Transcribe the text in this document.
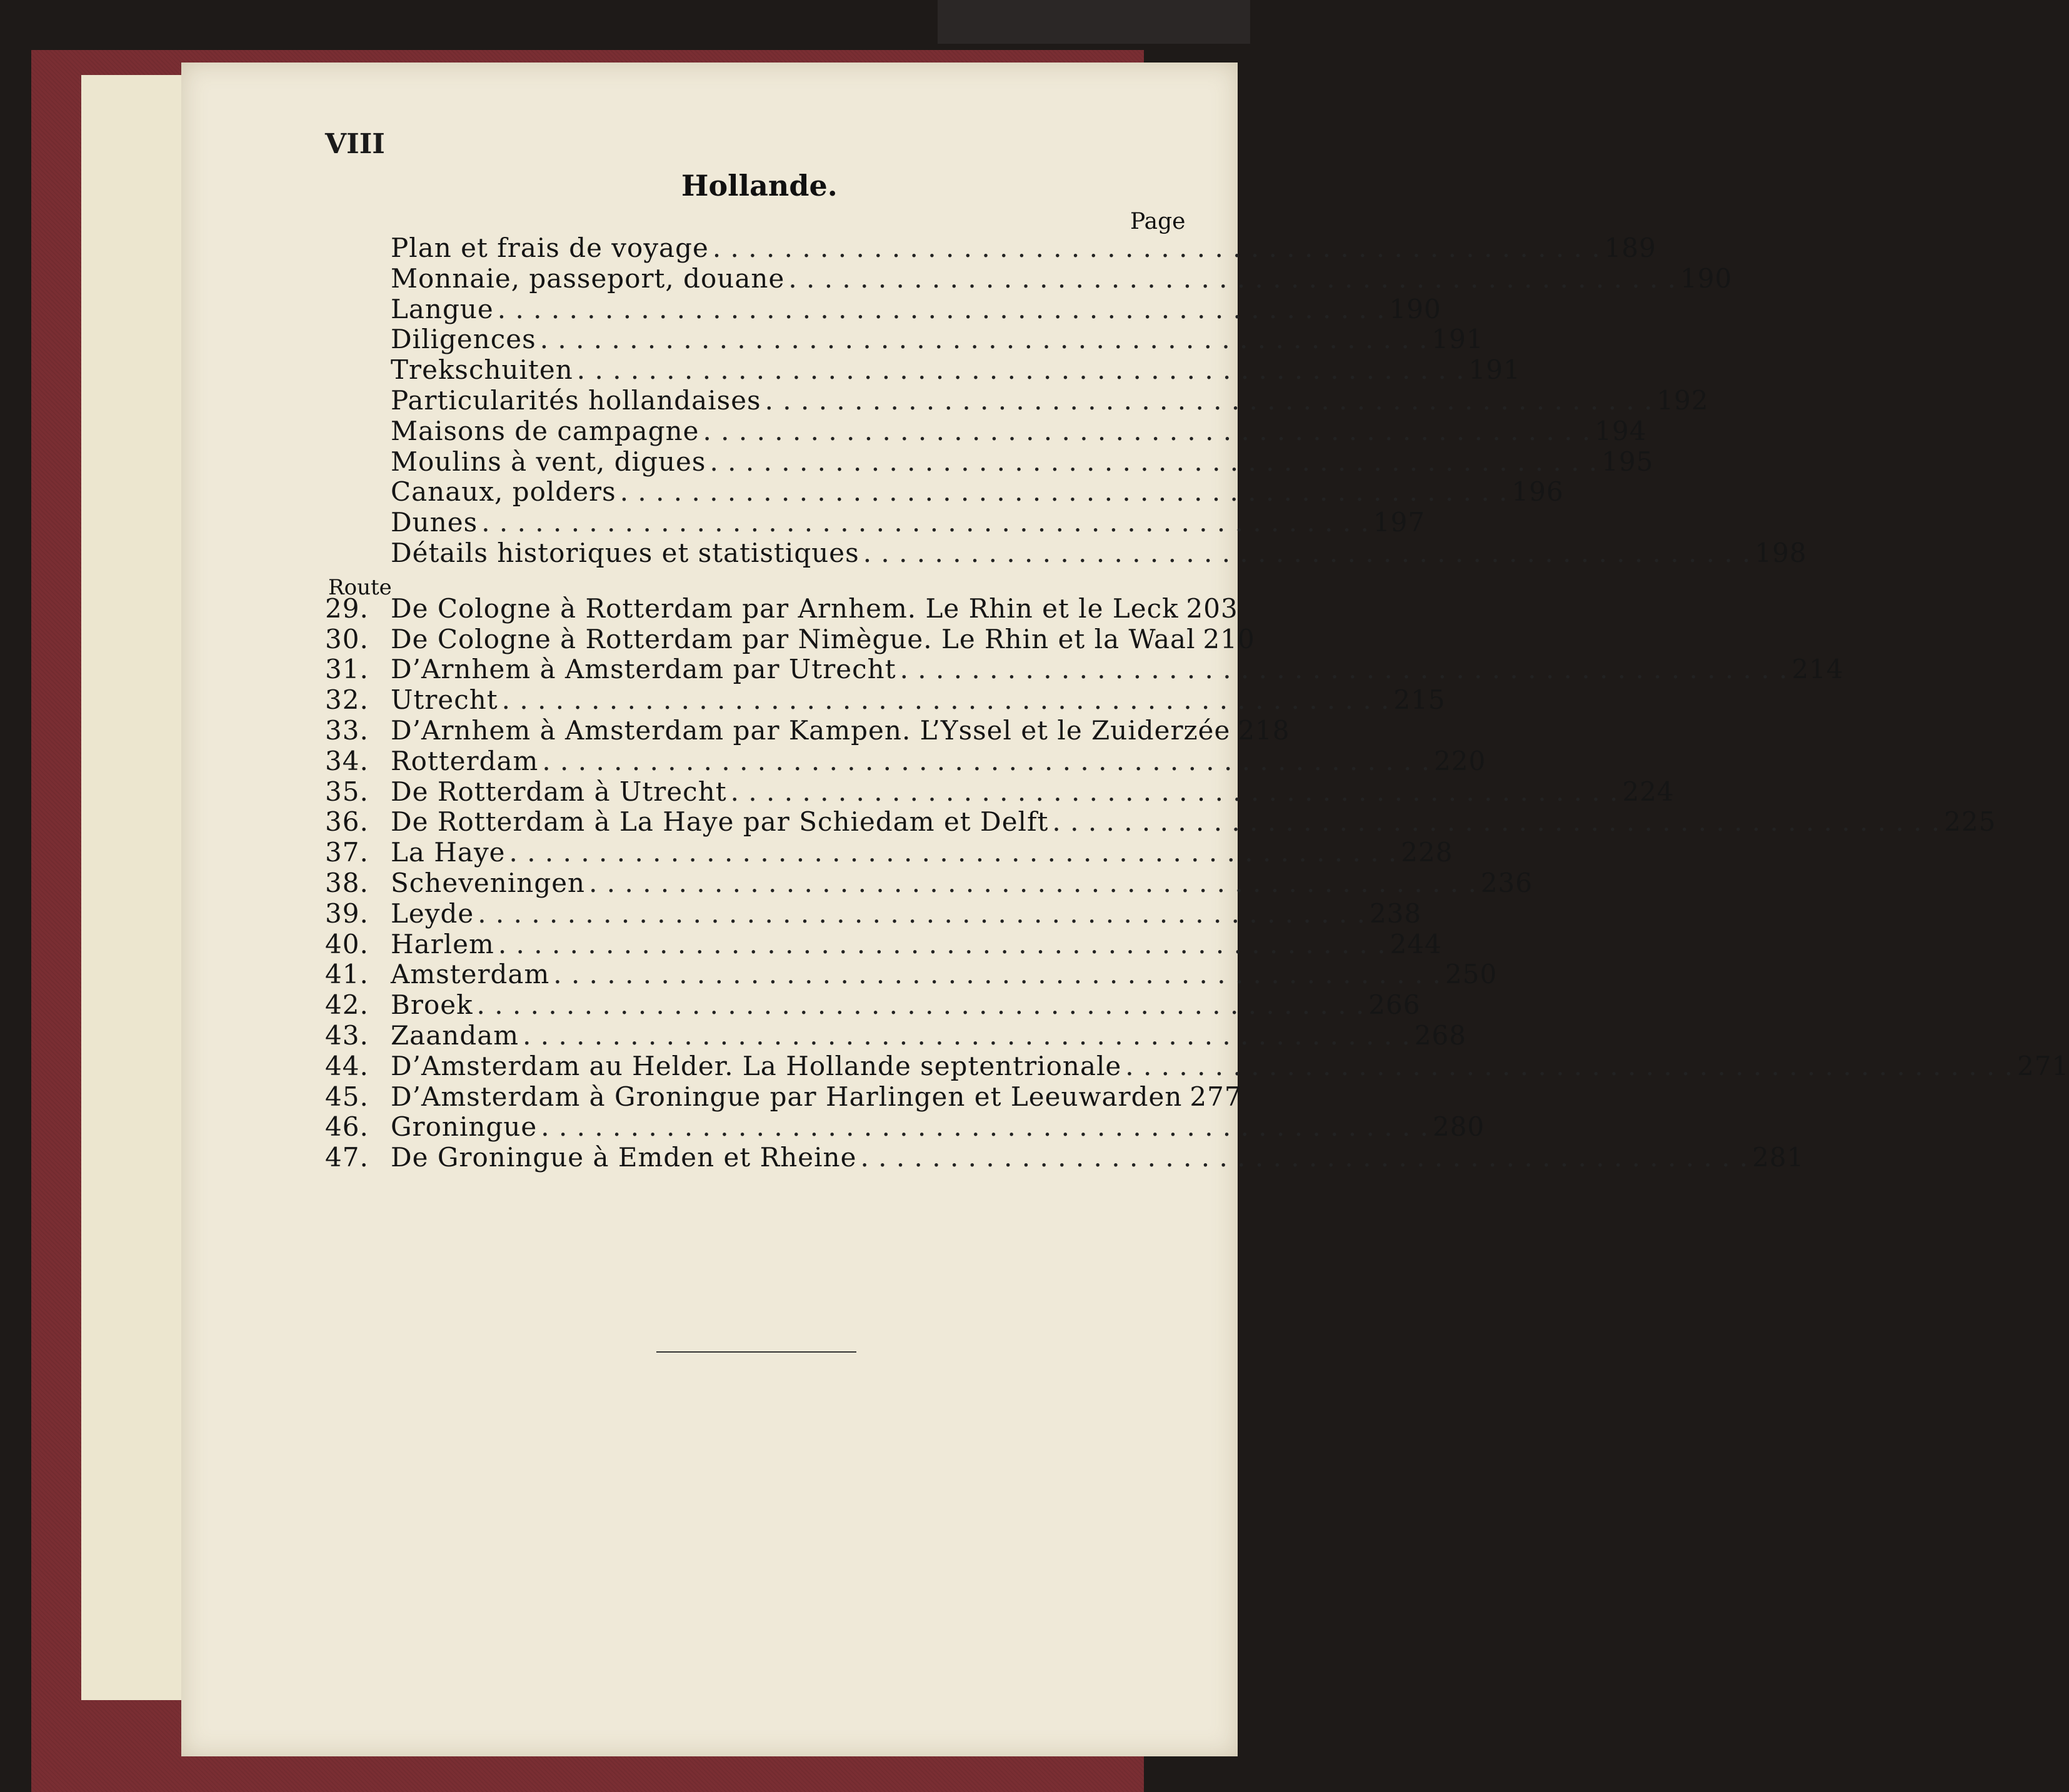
VIII
Hollande.
Page
Route
Plan et frais de voyage . . . . . . . . . . . . . . . . . . . . . . . . . . . . . . . . . . . . . . . . . . . . . . . . . . 189
Monnaie, passeport, douane . . . . . . . . . . . . . . . . . . . . . . . . . . . . . . . . . . . . . . . . . . . . . . . . . . 190
Langue . . . . . . . . . . . . . . . . . . . . . . . . . . . . . . . . . . . . . . . . . . . . . . . . . . 190
Diligences . . . . . . . . . . . . . . . . . . . . . . . . . . . . . . . . . . . . . . . . . . . . . . . . . . 191
Trekschuiten . . . . . . . . . . . . . . . . . . . . . . . . . . . . . . . . . . . . . . . . . . . . . . . . . . 191
Particularités hollandaises . . . . . . . . . . . . . . . . . . . . . . . . . . . . . . . . . . . . . . . . . . . . . . . . . . 192
Maisons de campagne . . . . . . . . . . . . . . . . . . . . . . . . . . . . . . . . . . . . . . . . . . . . . . . . . . 194
Moulins à vent, digues . . . . . . . . . . . . . . . . . . . . . . . . . . . . . . . . . . . . . . . . . . . . . . . . . . 195
Canaux, polders . . . . . . . . . . . . . . . . . . . . . . . . . . . . . . . . . . . . . . . . . . . . . . . . . . 196
Dunes . . . . . . . . . . . . . . . . . . . . . . . . . . . . . . . . . . . . . . . . . . . . . . . . . . 197
Détails historiques et statistiques . . . . . . . . . . . . . . . . . . . . . . . . . . . . . . . . . . . . . . . . . . . . . . . . . . 198
29. De Cologne à Rotterdam par Arnhem. Le Rhin et le Leck 203
30. De Cologne à Rotterdam par Nimègue. Le Rhin et la Waal 210
31. D’Arnhem à Amsterdam par Utrecht . . . . . . . . . . . . . . . . . . . . . . . . . . . . . . . . . . . . . . . . . . . . . . . . . . 214
32. Utrecht . . . . . . . . . . . . . . . . . . . . . . . . . . . . . . . . . . . . . . . . . . . . . . . . . . 215
33. D’Arnhem à Amsterdam par Kampen. L’Yssel et le Zuiderzée 218
34. Rotterdam . . . . . . . . . . . . . . . . . . . . . . . . . . . . . . . . . . . . . . . . . . . . . . . . . . 220
35. De Rotterdam à Utrecht . . . . . . . . . . . . . . . . . . . . . . . . . . . . . . . . . . . . . . . . . . . . . . . . . . 224
36. De Rotterdam à La Haye par Schiedam et Delft . . . . . . . . . . . . . . . . . . . . . . . . . . . . . . . . . . . . . . . . . . . . . . . . . . 225
37. La Haye . . . . . . . . . . . . . . . . . . . . . . . . . . . . . . . . . . . . . . . . . . . . . . . . . . 228
38. Scheveningen . . . . . . . . . . . . . . . . . . . . . . . . . . . . . . . . . . . . . . . . . . . . . . . . . . 236
39. Leyde . . . . . . . . . . . . . . . . . . . . . . . . . . . . . . . . . . . . . . . . . . . . . . . . . . 238
40. Harlem . . . . . . . . . . . . . . . . . . . . . . . . . . . . . . . . . . . . . . . . . . . . . . . . . . 244
41. Amsterdam . . . . . . . . . . . . . . . . . . . . . . . . . . . . . . . . . . . . . . . . . . . . . . . . . . 250
42. Broek . . . . . . . . . . . . . . . . . . . . . . . . . . . . . . . . . . . . . . . . . . . . . . . . . . 266
43. Zaandam . . . . . . . . . . . . . . . . . . . . . . . . . . . . . . . . . . . . . . . . . . . . . . . . . . 268
44. D’Amsterdam au Helder. La Hollande septentrionale . . . . . . . . . . . . . . . . . . . . . . . . . . . . . . . . . . . . . . . . . . . . . . . . . . 271
45. D’Amsterdam à Groningue par Harlingen et Leeuwarden 277
46. Groningue . . . . . . . . . . . . . . . . . . . . . . . . . . . . . . . . . . . . . . . . . . . . . . . . . . 280
47. De Groningue à Emden et Rheine . . . . . . . . . . . . . . . . . . . . . . . . . . . . . . . . . . . . . . . . . . . . . . . . . . 281
